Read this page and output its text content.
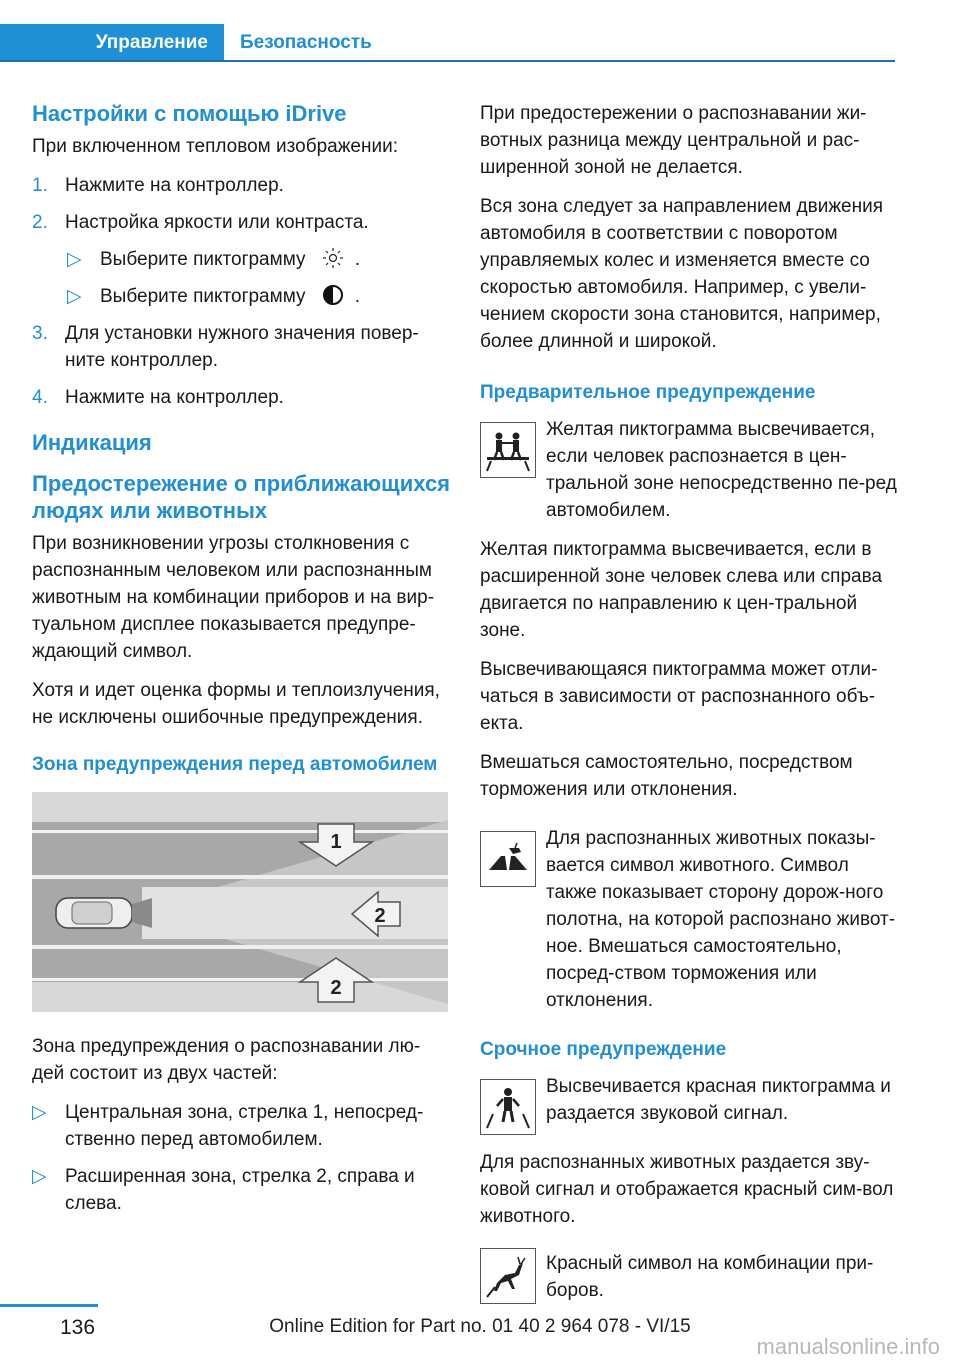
Управление Безопасность
Настройки с помощью iDrive

При включенном тепловом изображении:

1. Нажмите на контроллер.
2. Настройка яркости или контраста.
▷ Выберите пиктограмму	.
▷ Выберите пиктограмму	.
3. Для установки нужного значения повер-ните контроллер.
4. Нажмите на контроллер.
Индикация
Предостережение о приближающихся людях или животных

При возникновении угрозы столкновения с распознанным человеком или распознанным животным на комбинации приборов и на вир-туальном дисплее показывается предупре-ждающий символ.

Хотя и идет оценка формы и теплоизлучения, не исключены ошибочные предупреждения.

Зона предупреждения перед автомобилем
1
2
2

Зона предупреждения о распознавании лю-дей состоит из двух частей:

▷ Центральная зона, стрелка 1, непосред-ственно перед автомобилем.
▷ Расширенная зона, стрелка 2, справа и слева.

При предостережении о распознавании жи-вотных разница между центральной и рас-ширенной зоной не делается.

Вся зона следует за направлением движения автомобиля в соответствии с поворотом управляемых колес и изменяется вместе со скоростью автомобиля. Например, с увели-чением скорости зона становится, например, более длинной и широкой.

Предварительное предупреждение

Желтая пиктограмма высвечивается, если человек распознается в цен-тральной зоне непосредственно пе-ред автомобилем.

Желтая пиктограмма высвечивается, если в расширенной зоне человек слева или справа двигается по направлению к цен-тральной зоне.

Высвечивающаяся пиктограмма может отли-чаться в зависимости от распознанного объ-екта.

Вмешаться самостоятельно, посредством торможения или отклонения.

Для распознанных животных показы-вается символ животного. Символ также показывает сторону дорож-ного полотна, на которой распознано живот-ное. Вмешаться самостоятельно, посред-ством торможения или отклонения.

Срочное предупреждение

Высвечивается красная пиктограмма и раздается звуковой сигнал.

Для распознанных животных раздается зву-ковой сигнал и отображается красный сим-вол животного.

Красный символ на комбинации при-боров.

136	Online Edition for Part no. 01 40 2 964 078 - VI/15
manualsonline.info
